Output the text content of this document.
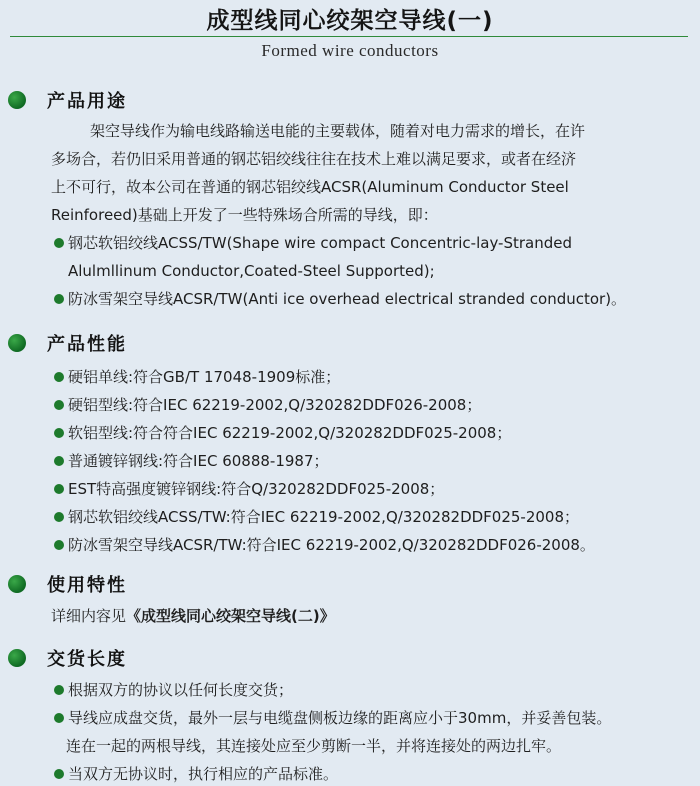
成型线同心绞架空导线(一)
Formed wire conductors
产品用途
架空导线作为输电线路输送电能的主要载体，随着对电力需求的增长，在许
多场合，若仍旧采用普通的钢芯铝绞线往往在技术上难以满足要求，或者在经济
上不可行，故本公司在普通的钢芯铝绞线ACSR(Aluminum Conductor Steel
Reinforeed)基础上开发了一些特殊场合所需的导线，即：
钢芯软铝绞线ACSS/TW(Shape wire compact Concentric-lay-Stranded
Alulmllinum Conductor,Coated-Steel Supported);
防冰雪架空导线ACSR/TW(Anti ice overhead electrical stranded conductor)。
产品性能
硬铝单线:符合GB/T 17048-1909标准；
硬铝型线:符合IEC 62219-2002,Q/320282DDF026-2008；
软铝型线:符合符合IEC 62219-2002,Q/320282DDF025-2008；
普通镀锌钢线:符合IEC 60888-1987；
EST特高强度镀锌钢线:符合Q/320282DDF025-2008；
钢芯软铝绞线ACSS/TW:符合IEC 62219-2002,Q/320282DDF025-2008；
防冰雪架空导线ACSR/TW:符合IEC 62219-2002,Q/320282DDF026-2008。
使用特性
详细内容见《成型线同心绞架空导线(二)》
交货长度
根据双方的协议以任何长度交货；
导线应成盘交货，最外一层与电缆盘侧板边缘的距离应小于30mm，并妥善包装。
连在一起的两根导线，其连接处应至少剪断一半，并将连接处的两边扎牢。
当双方无协议时，执行相应的产品标准。
